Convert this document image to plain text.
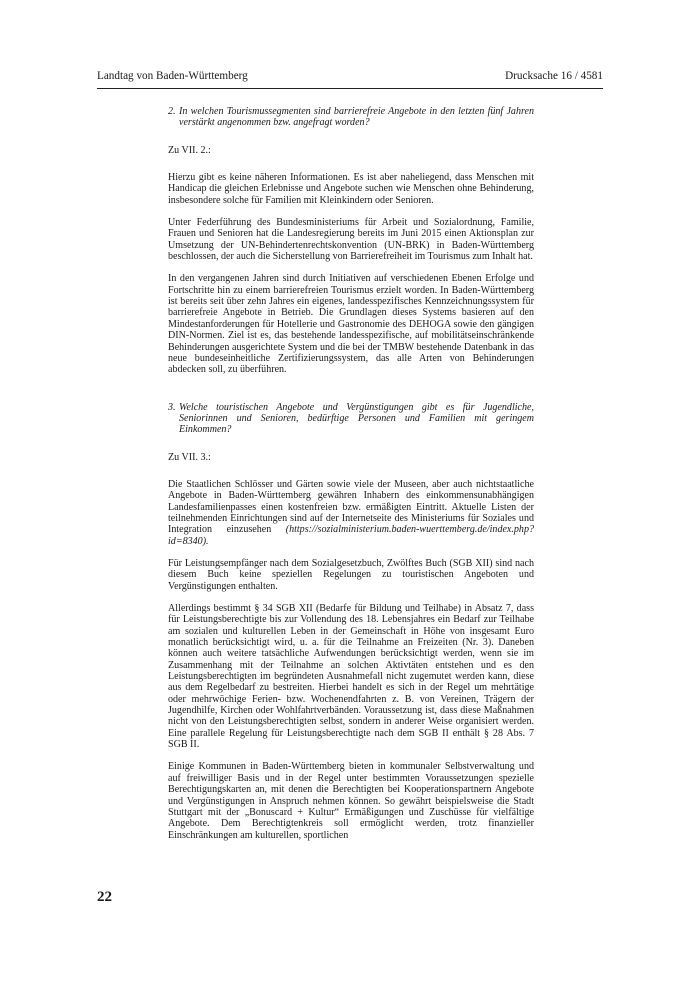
Landtag von Baden-Württemberg	Drucksache 16 / 4581
2. In welchen Tourismussegmenten sind barrierefreie Angebote in den letzten fünf Jahren verstärkt angenommen bzw. angefragt worden?

Zu VII. 2.:

Hierzu gibt es keine näheren Informationen. Es ist aber naheliegend, dass Menschen mit Handicap die gleichen Erlebnisse und Angebote suchen wie Menschen ohne Behinderung, insbesondere solche für Familien mit Kleinkindern oder Senioren.

Unter Federführung des Bundesministeriums für Arbeit und Sozialordnung, Familie, Frauen und Senioren hat die Landesregierung bereits im Juni 2015 einen Aktionsplan zur Umsetzung der UN-Behindertenrechtskonvention (UN-BRK) in Baden-Württemberg beschlossen, der auch die Sicherstellung von Barrierefreiheit im Tourismus zum Inhalt hat.

In den vergangenen Jahren sind durch Initiativen auf verschiedenen Ebenen Erfolge und Fortschritte hin zu einem barrierefreien Tourismus erzielt worden. In Baden-Württemberg ist bereits seit über zehn Jahres ein eigenes, landesspezifisches Kennzeichnungssystem für barrierefreie Angebote in Betrieb. Die Grundlagen dieses Systems basieren auf den Mindestanforderungen für Hotellerie und Gastronomie des DEHOGA sowie den gängigen DIN-Normen. Ziel ist es, das bestehende landesspezifische, auf mobilitätseinschränkende Behinderungen ausgerichtete System und die bei der TMBW bestehende Datenbank in das neue bundeseinheitliche Zertifizierungssystem, das alle Arten von Behinderungen abdecken soll, zu überführen.

3. Welche touristischen Angebote und Vergünstigungen gibt es für Jugendliche, Seniorinnen und Senioren, bedürftige Personen und Familien mit geringem Einkommen?

Zu VII. 3.:

Die Staatlichen Schlösser und Gärten sowie viele der Museen, aber auch nichtstaatliche Angebote in Baden-Württemberg gewähren Inhabern des einkommensunabhängigen Landesfamilienpasses einen kostenfreien bzw. ermäßigten Eintritt. Aktuelle Listen der teilnehmenden Einrichtungen sind auf der Internetseite des Ministeriums für Soziales und Integration einzusehen (https://sozialministerium.baden-wuerttemberg.de/index.php?id=8340).

Für Leistungsempfänger nach dem Sozialgesetzbuch, Zwölftes Buch (SGB XII) sind nach diesem Buch keine speziellen Regelungen zu touristischen Angeboten und Vergünstigungen enthalten.

Allerdings bestimmt § 34 SGB XII (Bedarfe für Bildung und Teilhabe) in Absatz 7, dass für Leistungsberechtigte bis zur Vollendung des 18. Lebensjahres ein Bedarf zur Teilhabe am sozialen und kulturellen Leben in der Gemeinschaft in Höhe von insgesamt Euro monatlich berücksichtigt wird, u. a. für die Teilnahme an Freizeiten (Nr. 3). Daneben können auch weitere tatsächliche Aufwendungen berücksichtigt werden, wenn sie im Zusammenhang mit der Teilnahme an solchen Aktivtäten entstehen und es den Leistungsberechtigten im begründeten Ausnahmefall nicht zugemutet werden kann, diese aus dem Regelbedarf zu bestreiten. Hierbei handelt es sich in der Regel um mehrtätige oder mehrwöchige Ferien- bzw. Wochenendfahrten z. B. von Vereinen, Trägern der Jugendhilfe, Kirchen oder Wohlfahrtverbänden. Voraussetzung ist, dass diese Maßnahmen nicht von den Leistungsberechtigten selbst, sondern in anderer Weise organisiert werden. Eine parallele Regelung für Leistungsberechtigte nach dem SGB II enthält § 28 Abs. 7 SGB II.

Einige Kommunen in Baden-Württemberg bieten in kommunaler Selbstverwaltung und auf freiwilliger Basis und in der Regel unter bestimmten Voraussetzungen spezielle Berechtigungskarten an, mit denen die Berechtigten bei Kooperationspartnern Angebote und Vergünstigungen in Anspruch nehmen können. So gewährt beispielsweise die Stadt Stuttgart mit der „Bonuscard + Kultur“ Ermäßigungen und Zuschüsse für vielfältige Angebote. Dem Berechtigtenkreis soll ermöglicht werden, trotz finanzieller Einschränkungen am kulturellen, sportlichen

22
